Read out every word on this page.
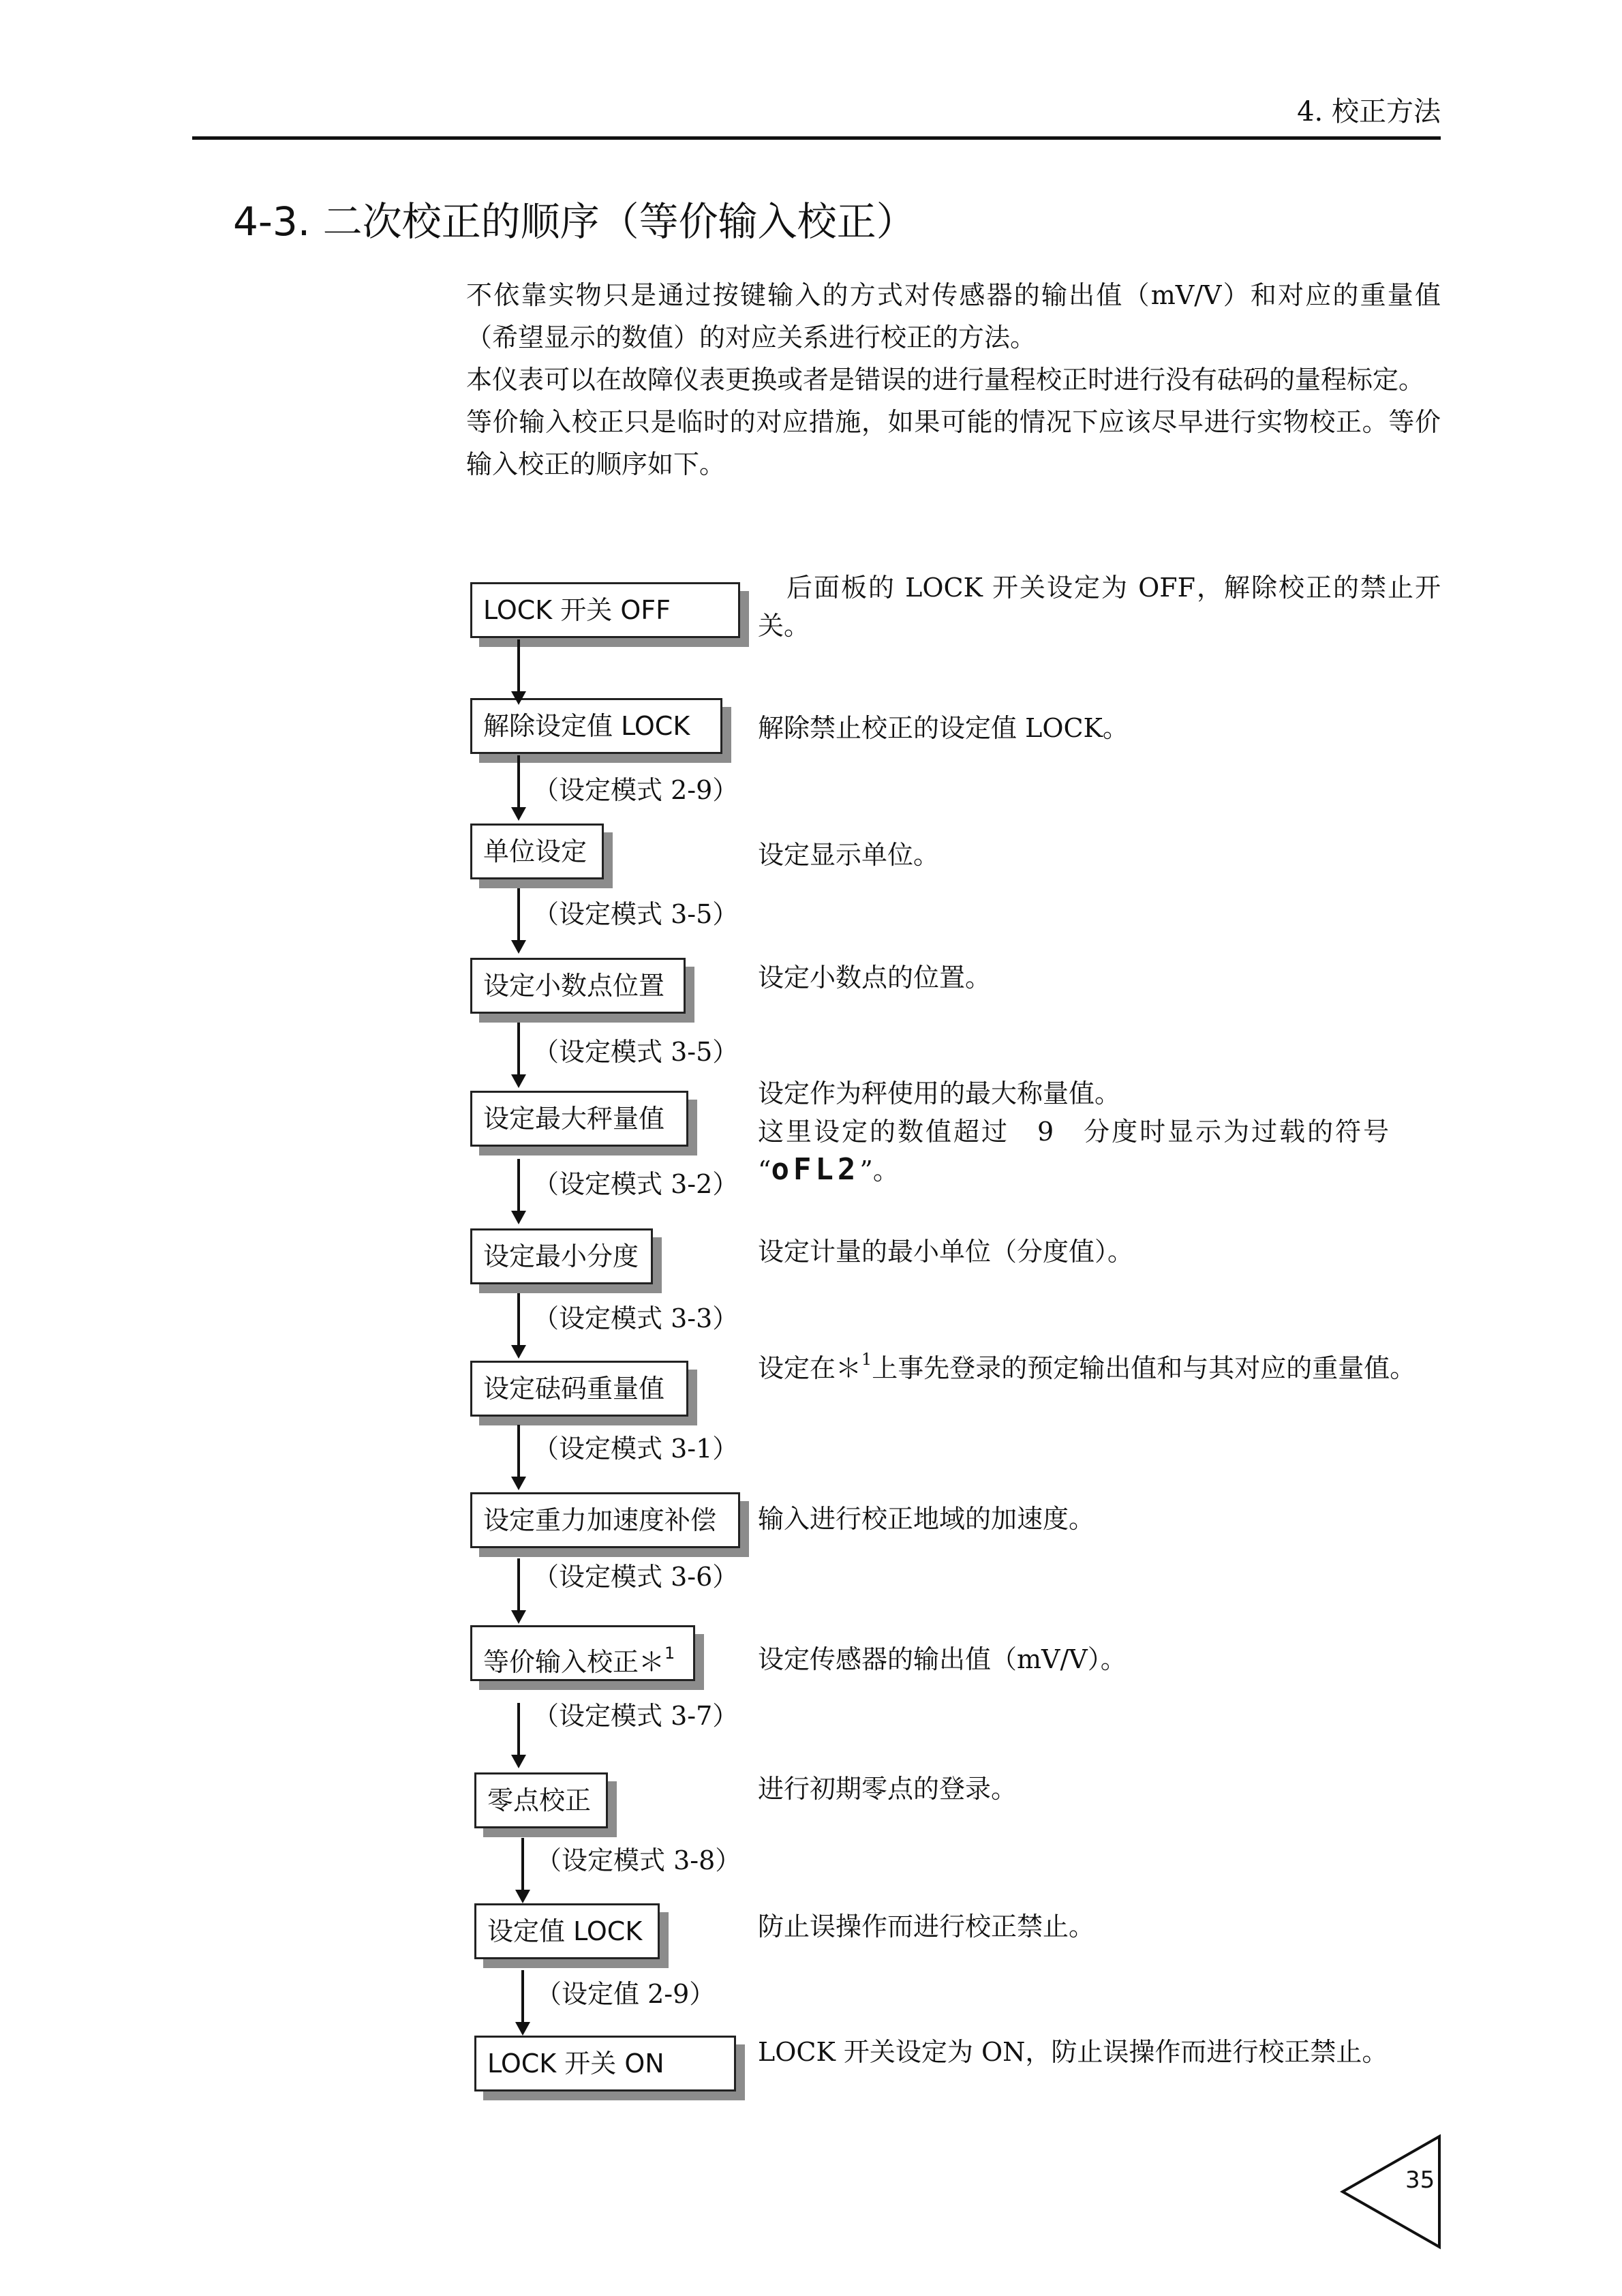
4. 校正方法
4-3. 二次校正的顺序（等价输入校正）

不依靠实物只是通过按键输入的方式对传感器的输出值（mV/V）和对应的重量值（希望显示的数值）的对应关系进行校正的方法。

本仪表可以在故障仪表更换或者是错误的进行量程校正时进行没有砝码的量程标定。

等价输入校正只是临时的对应措施，如果可能的情况下应该尽早进行实物校正。等价输入校正的顺序如下。

LOCK 开关 OFF
解除设定值 LOCK
单位设定
设定小数点位置
设定最大秤量值
设定最小分度
设定砝码重量值
设定重力加速度补偿
等价输入校正＊$^1$
零点校正
设定值 LOCK
LOCK 开关 ON
（设定模式 2-9）
（设定模式 3-5）
（设定模式 3-5）
（设定模式 3-2）
（设定模式 3-3）
（设定模式 3-1）
（设定模式 3-6）
（设定模式 3-7）
（设定模式 3-8）
（设定值 2-9）
后面板的 LOCK 开关设定为 OFF，解除校正的禁止开关。
解除禁止校正的设定值 LOCK。
设定显示单位。
设定小数点的位置。
设定作为秤使用的最大称量值。
这里设定的数值超过　9　分度时显示为过载的符号
“oFL2”。
设定计量的最小单位（分度值）。
设定在＊$^1$上事先登录的预定输出值和与其对应的重量值。
输入进行校正地域的加速度。
设定传感器的输出值（mV/V）。
进行初期零点的登录。
防止误操作而进行校正禁止。
LOCK 开关设定为 ON，防止误操作而进行校正禁止。
35
